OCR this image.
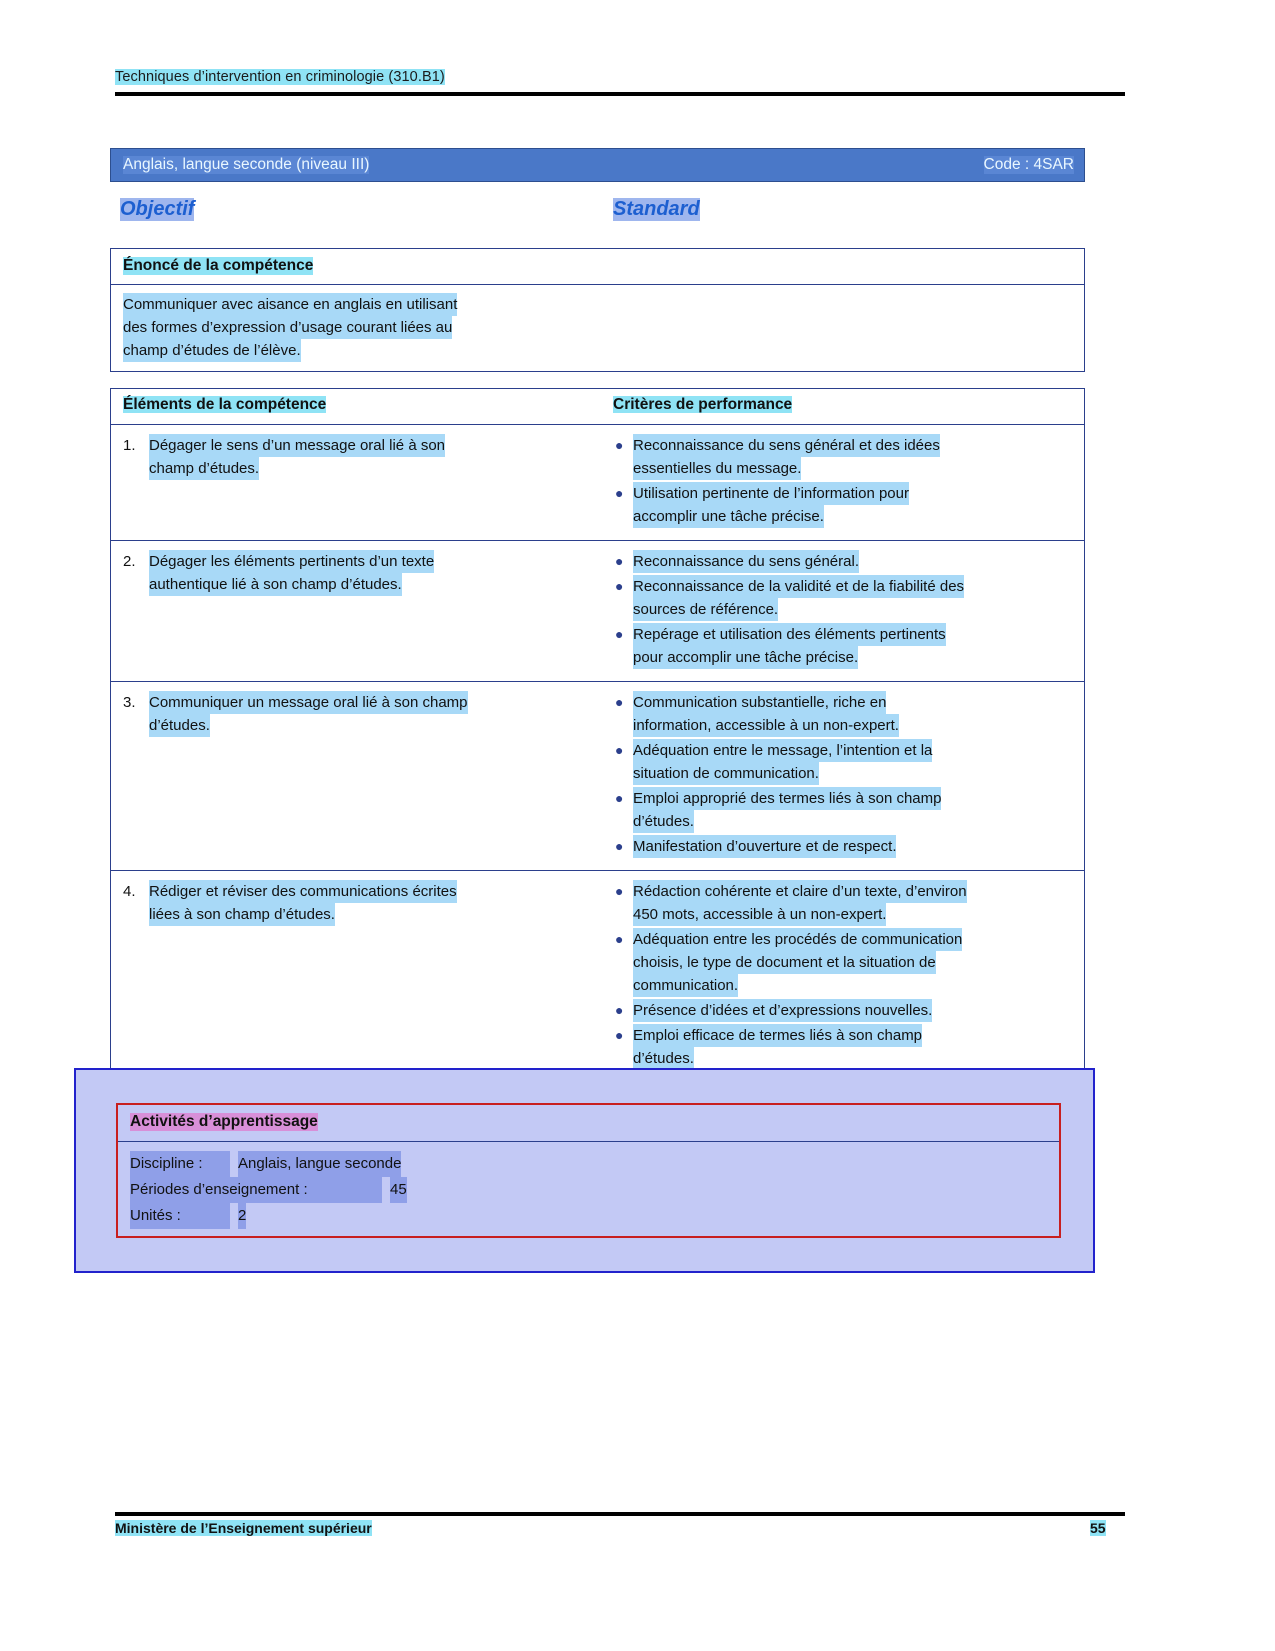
Techniques d’intervention en criminologie (310.B1)
Anglais, langue seconde (niveau III)	Code : 4SAR
Objectif	Standard
Énoncé de la compétence
Communiquer avec aisance en anglais en utilisant
des formes d’expression d’usage courant liées au
champ d’études de l’élève.
Éléments de la compétence	Critères de performance
1. Dégager le sens d’un message oral lié à son
champ d’études.
● Reconnaissance du sens général et des idées
essentielles du message.
● Utilisation pertinente de l’information pour
accomplir une tâche précise.
2. Dégager les éléments pertinents d’un texte
authentique lié à son champ d’études.
● Reconnaissance du sens général.
● Reconnaissance de la validité et de la fiabilité des
sources de référence.
● Repérage et utilisation des éléments pertinents
pour accomplir une tâche précise.
3. Communiquer un message oral lié à son champ
d’études.
● Communication substantielle, riche en
information, accessible à un non-expert.
● Adéquation entre le message, l’intention et la
situation de communication.
● Emploi approprié des termes liés à son champ
d’études.
● Manifestation d’ouverture et de respect.
4. Rédiger et réviser des communications écrites
liées à son champ d’études.
● Rédaction cohérente et claire d’un texte, d’environ
450 mots, accessible à un non-expert.
● Adéquation entre les procédés de communication
choisis, le type de document et la situation de
communication.
● Présence d’idées et d’expressions nouvelles.
● Emploi efficace de termes liés à son champ
d’études.
Activités d’apprentissage
Discipline :	Anglais, langue seconde
Périodes d’enseignement :	45
Unités :	2
Ministère de l’Enseignement supérieur	55
